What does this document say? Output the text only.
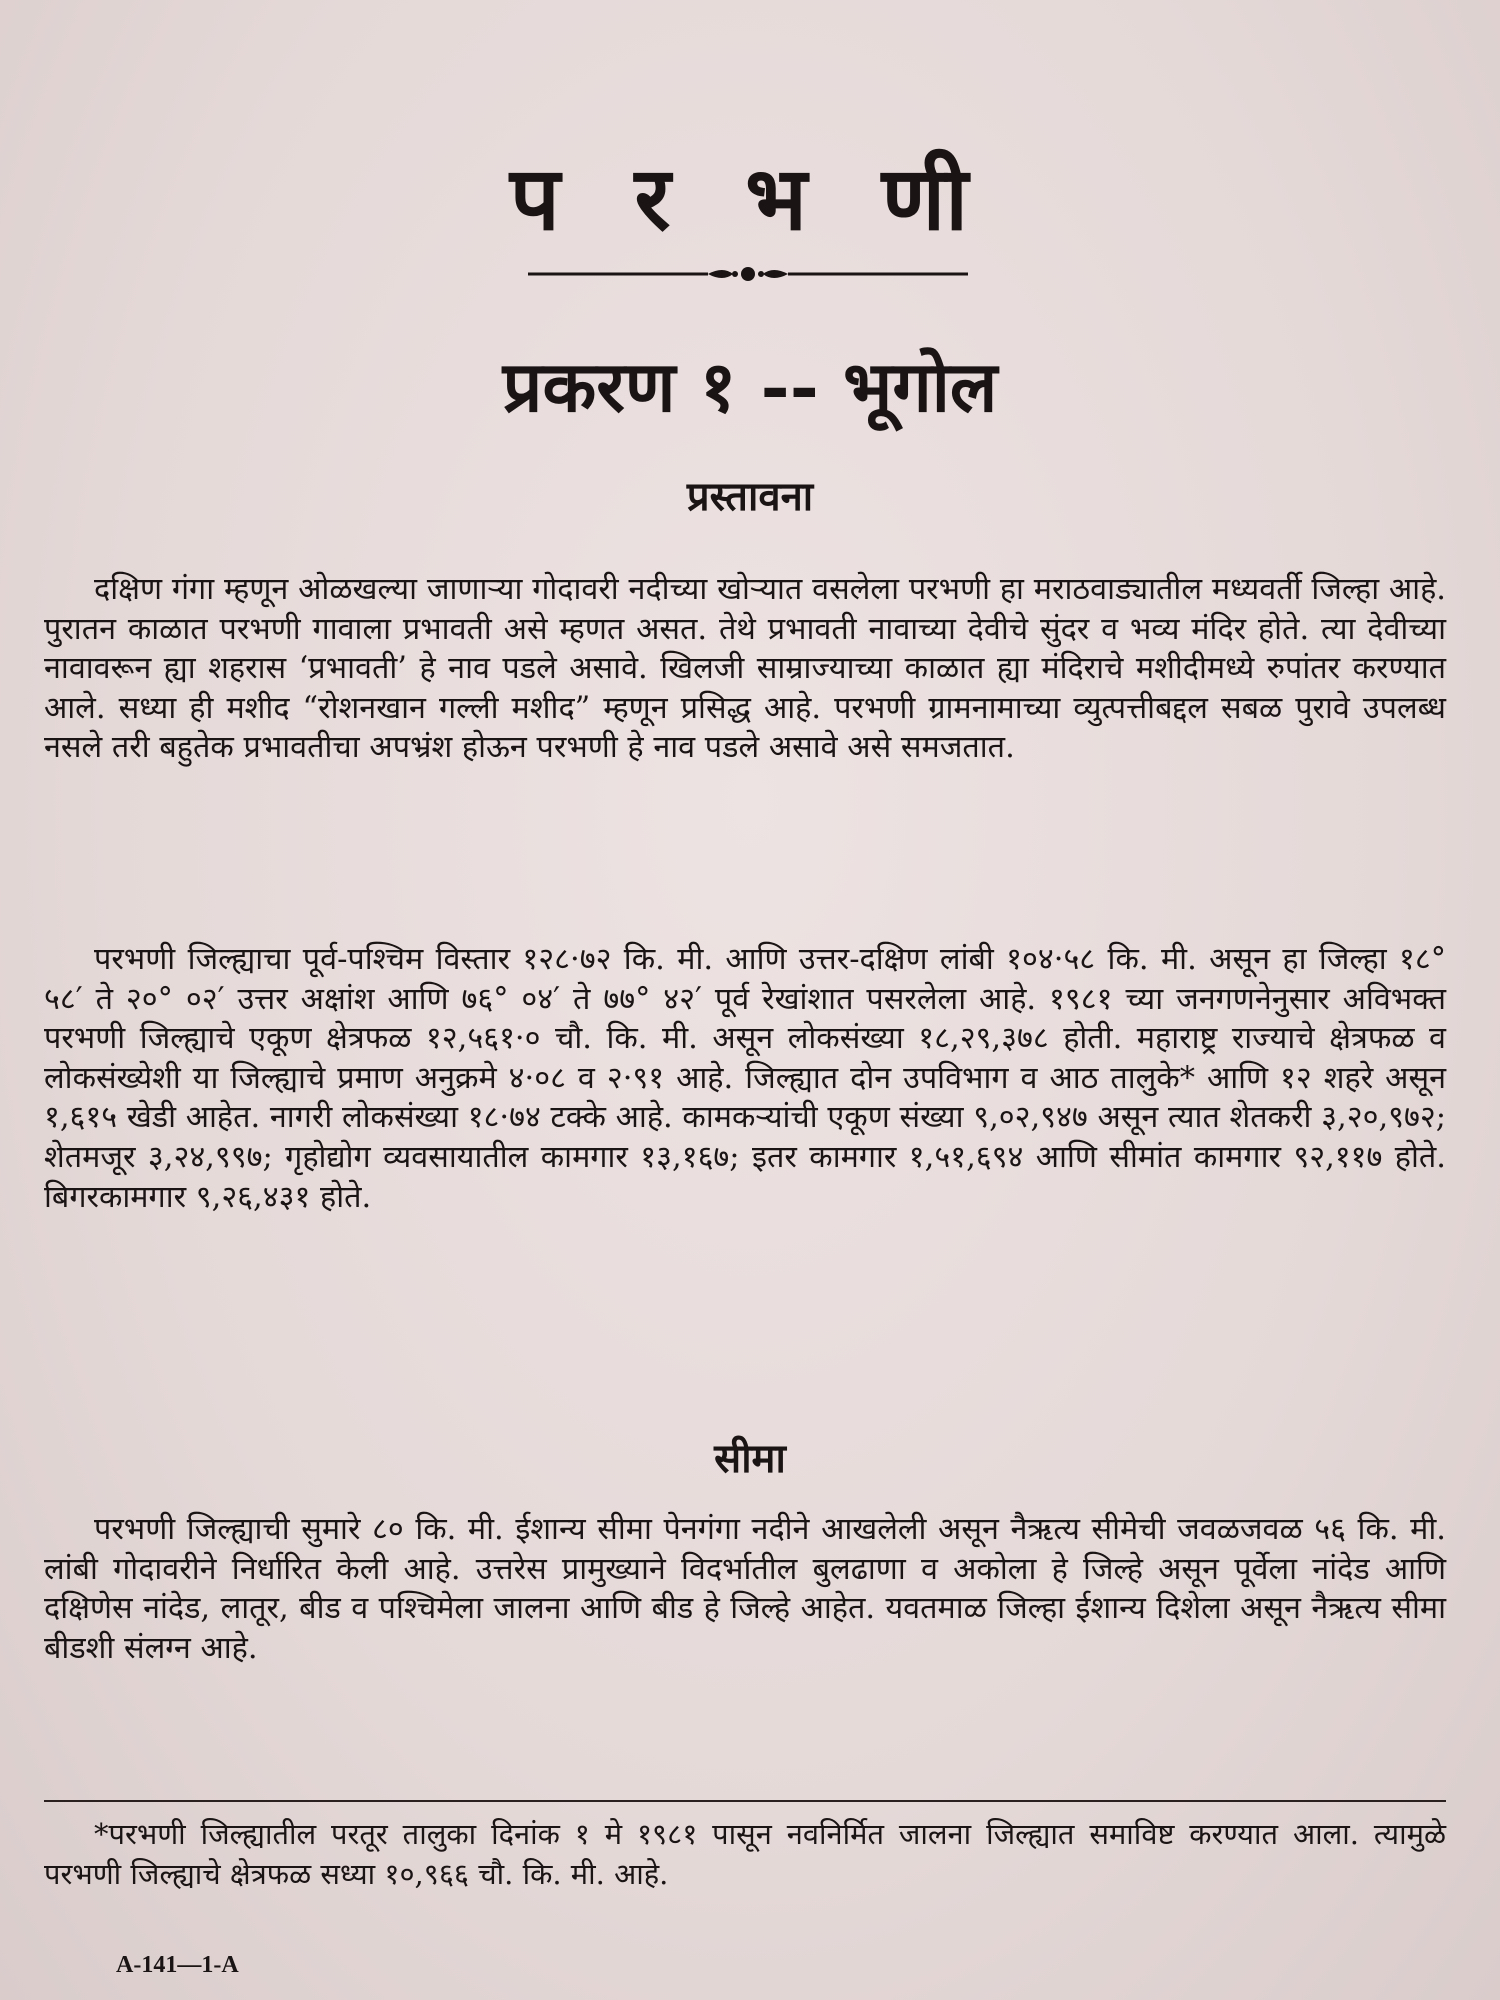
प र भ णी
प्रकरण १ -- भूगोल
प्रस्तावना

दक्षिण गंगा म्हणून ओळखल्या जाणाऱ्या गोदावरी नदीच्या खोऱ्यात वसलेला परभणी हा मराठवाड्यातील मध्यवर्ती जिल्हा आहे. पुरातन काळात परभणी गावाला प्रभावती असे म्हणत असत. तेथे प्रभावती नावाच्या देवीचे सुंदर व भव्य मंदिर होते. त्या देवीच्या नावावरून ह्या शहरास ‘प्रभावती’ हे नाव पडले असावे. खिलजी साम्राज्याच्या काळात ह्या मंदिराचे मशीदीमध्ये रुपांतर करण्यात आले. सध्या ही मशीद “रोशनखान गल्ली मशीद” म्हणून प्रसिद्ध आहे. परभणी ग्रामनामाच्या व्युत्पत्तीबद्दल सबळ पुरावे उपलब्ध नसले तरी बहुतेक प्रभावतीचा अपभ्रंश होऊन परभणी हे नाव पडले असावे असे समजतात.

परभणी जिल्ह्याचा पूर्व-पश्चिम विस्तार १२८·७२ कि. मी. आणि उत्तर-दक्षिण लांबी १०४·५८ कि. मी. असून हा जिल्हा १८° ५८′ ते २०° ०२′ उत्तर अक्षांश आणि ७६° ०४′ ते ७७° ४२′ पूर्व रेखांशात पसरलेला आहे. १९८१ च्या जनगणनेनुसार अविभक्त परभणी जिल्ह्याचे एकूण क्षेत्रफळ १२,५६१·० चौ. कि. मी. असून लोकसंख्या १८,२९,३७८ होती. महाराष्ट्र राज्याचे क्षेत्रफळ व लोकसंख्येशी या जिल्ह्याचे प्रमाण अनुक्रमे ४·०८ व २·९१ आहे. जिल्ह्यात दोन उपविभाग व आठ तालुके* आणि १२ शहरे असून १,६१५ खेडी आहेत. नागरी लोकसंख्या १८·७४ टक्के आहे. कामकऱ्यांची एकूण संख्या ९,०२,९४७ असून त्यात शेतकरी ३,२०,९७२; शेतमजूर ३,२४,९९७; गृहोद्योग व्यवसायातील कामगार १३,१६७; इतर कामगार १,५१,६९४ आणि सीमांत कामगार ९२,११७ होते. बिगरकामगार ९,२६,४३१ होते.

सीमा

परभणी जिल्ह्याची सुमारे ८० कि. मी. ईशान्य सीमा पेनगंगा नदीने आखलेली असून नैऋत्य सीमेची जवळजवळ ५६ कि. मी. लांबी गोदावरीने निर्धारित केली आहे. उत्तरेस प्रामुख्याने विदर्भातील बुलढाणा व अकोला हे जिल्हे असून पूर्वेला नांदेड आणि दक्षिणेस नांदेड, लातूर, बीड व पश्चिमेला जालना आणि बीड हे जिल्हे आहेत. यवतमाळ जिल्हा ईशान्य दिशेला असून नैऋत्य सीमा बीडशी संलग्न आहे.

*परभणी जिल्ह्यातील परतूर तालुका दिनांक १ मे १९८१ पासून नवनिर्मित जालना जिल्ह्यात समाविष्ट करण्यात आला. त्यामुळे परभणी जिल्ह्याचे क्षेत्रफळ सध्या १०,९६६ चौ. कि. मी. आहे.

A-141—1-A
